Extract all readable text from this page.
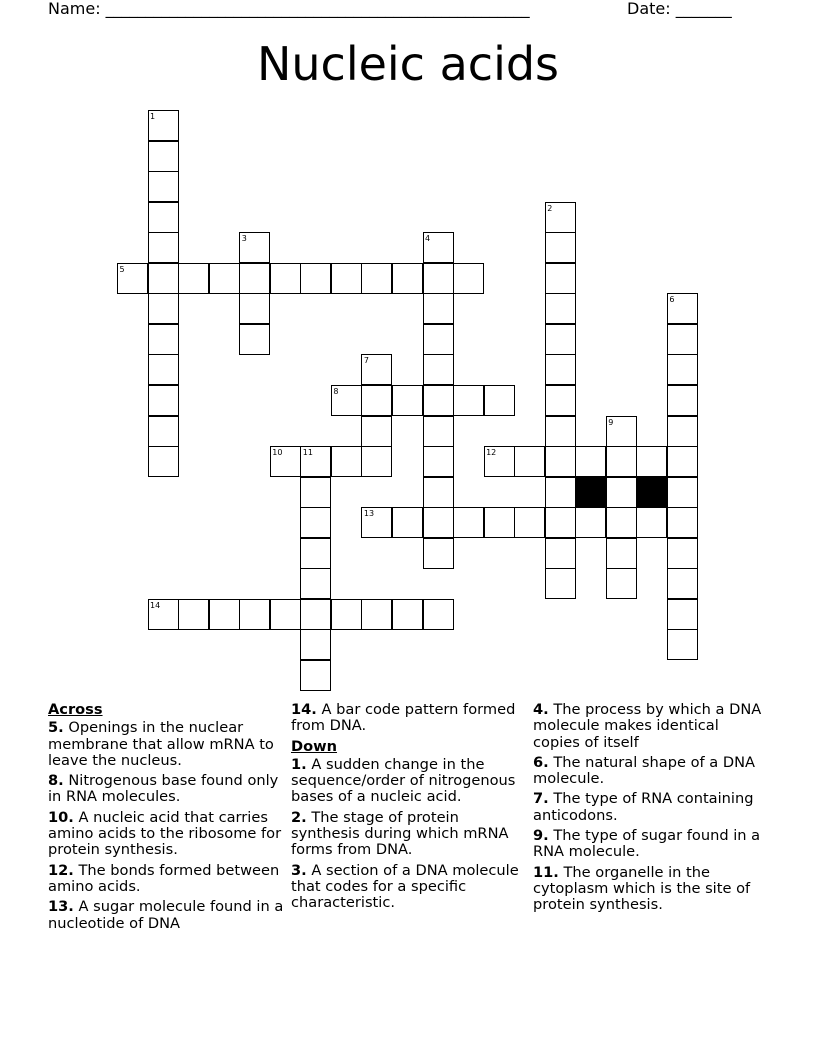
Name: _____________________________________________________	Date: _______
Nucleic acids
1
2
3	4
5
6
7
8
9
10	11	12
13
14
Across
5. Openings in the nuclear membrane that allow mRNA to leave the nucleus.
8. Nitrogenous base found only in RNA molecules.
10. A nucleic acid that carries amino acids to the ribosome for protein synthesis.
12. The bonds formed between amino acids.
13. A sugar molecule found in a nucleotide of DNA
14. A bar code pattern formed from DNA.
Down
1. A sudden change in the sequence/order of nitrogenous bases of a nucleic acid.
2. The stage of protein synthesis during which mRNA forms from DNA.
3. A section of a DNA molecule that codes for a specific characteristic.
4. The process by which a DNA molecule makes identical copies of itself
6. The natural shape of a DNA molecule.
7. The type of RNA containing anticodons.
9. The type of sugar found in a RNA molecule.
11. The organelle in the cytoplasm which is the site of protein synthesis.
